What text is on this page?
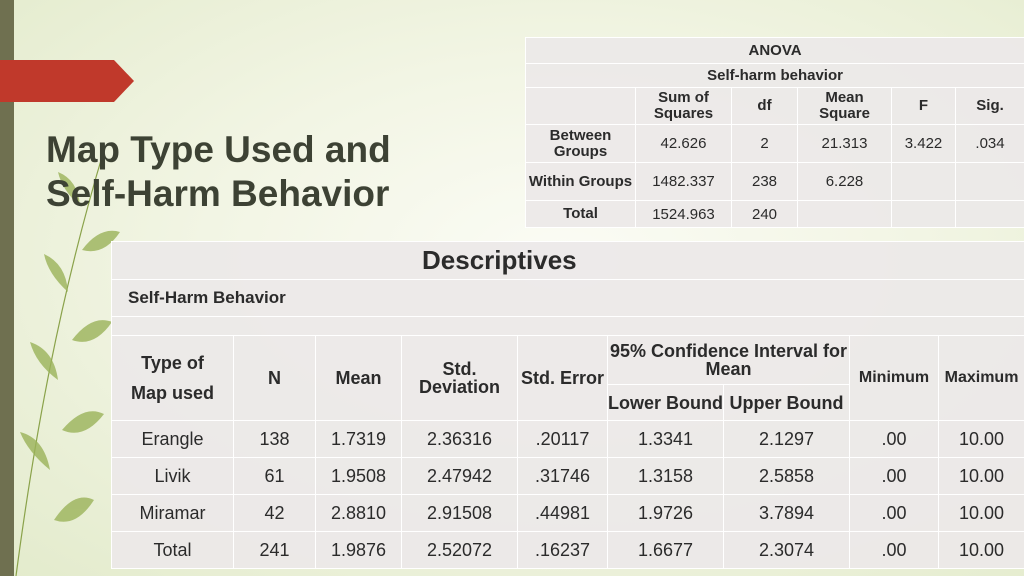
Map Type Used and
Self-Harm Behavior
ANOVA					
Self-harm behavior					
	Sum of Squares	df	Mean Square	F	Sig.
Between Groups	42.626	2	21.313	3.422	.034
Within Groups	1482.337	238	6.228		
Total	1524.963	240			
Descriptives								
Self-Harm Behavior								

Type of
Map used	N	Mean	Std. Deviation	Std. Error	95% Confidence Interval for Mean		Minimum	Maximum
					Lower Bound	Upper Bound		
Erangle	138	1.7319	2.36316	.20117	1.3341	2.1297	.00	10.00
Livik	61	1.9508	2.47942	.31746	1.3158	2.5858	.00	10.00
Miramar	42	2.8810	2.91508	.44981	1.9726	3.7894	.00	10.00
Total	241	1.9876	2.52072	.16237	1.6677	2.3074	.00	10.00
